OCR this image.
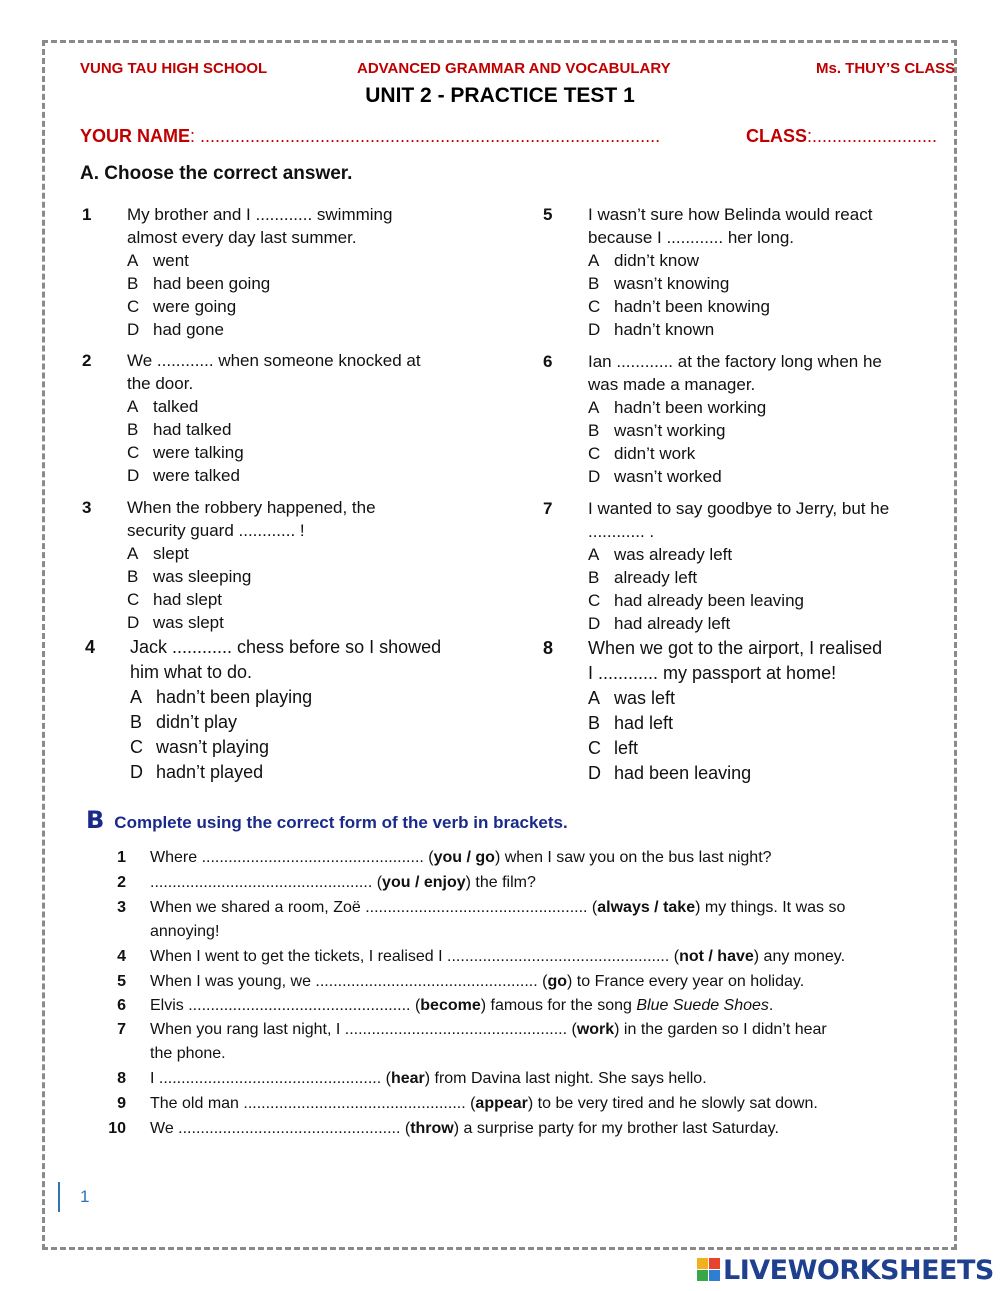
VUNG TAU HIGH SCHOOL	ADVANCED GRAMMAR AND VOCABULARY	Ms. THUY’S CLASS
UNIT 2 - PRACTICE TEST 1
YOUR NAME: ............................................................................................	CLASS:.........................
A. Choose the correct answer.
1 My brother and I ............ swimming
almost every day last summer.
A went
B had been going
C were going
D had gone
2 We ............ when someone knocked at
the door.
A talked
B had talked
C were talking
D were talked
3 When the robbery happened, the
security guard ............ !
A slept
B was sleeping
C had slept
D was slept
4 Jack ............ chess before so I showed
him what to do.
A hadn’t been playing
B didn’t play
C wasn’t playing
D hadn’t played
5 I wasn’t sure how Belinda would react
because I ............ her long.
A didn’t know
B wasn’t knowing
C hadn’t been knowing
D hadn’t known
6 Ian ............ at the factory long when he
was made a manager.
A hadn’t been working
B wasn’t working
C didn’t work
D wasn’t worked
7 I wanted to say goodbye to Jerry, but he
............ .
A was already left
B already left
C had already been leaving
D had already left
8 When we got to the airport, I realised
I ............ my passport at home!
A was left
B had left
C left
D had been leaving
B Complete using the correct form of the verb in brackets.
1 Where .................................................. (you / go) when I saw you on the bus last night?
2 .................................................. (you / enjoy) the film?
3 When we shared a room, Zoë .................................................. (always / take) my things. It was so
annoying!
4 When I went to get the tickets, I realised I .................................................. (not / have) any money.
5 When I was young, we .................................................. (go) to France every year on holiday.
6 Elvis .................................................. (become) famous for the song Blue Suede Shoes.
7 When you rang last night, I .................................................. (work) in the garden so I didn’t hear
the phone.
8 I .................................................. (hear) from Davina last night. She says hello.
9 The old man .................................................. (appear) to be very tired and he slowly sat down.
10 We .................................................. (throw) a surprise party for my brother last Saturday.
1
LIVEWORKSHEETS
